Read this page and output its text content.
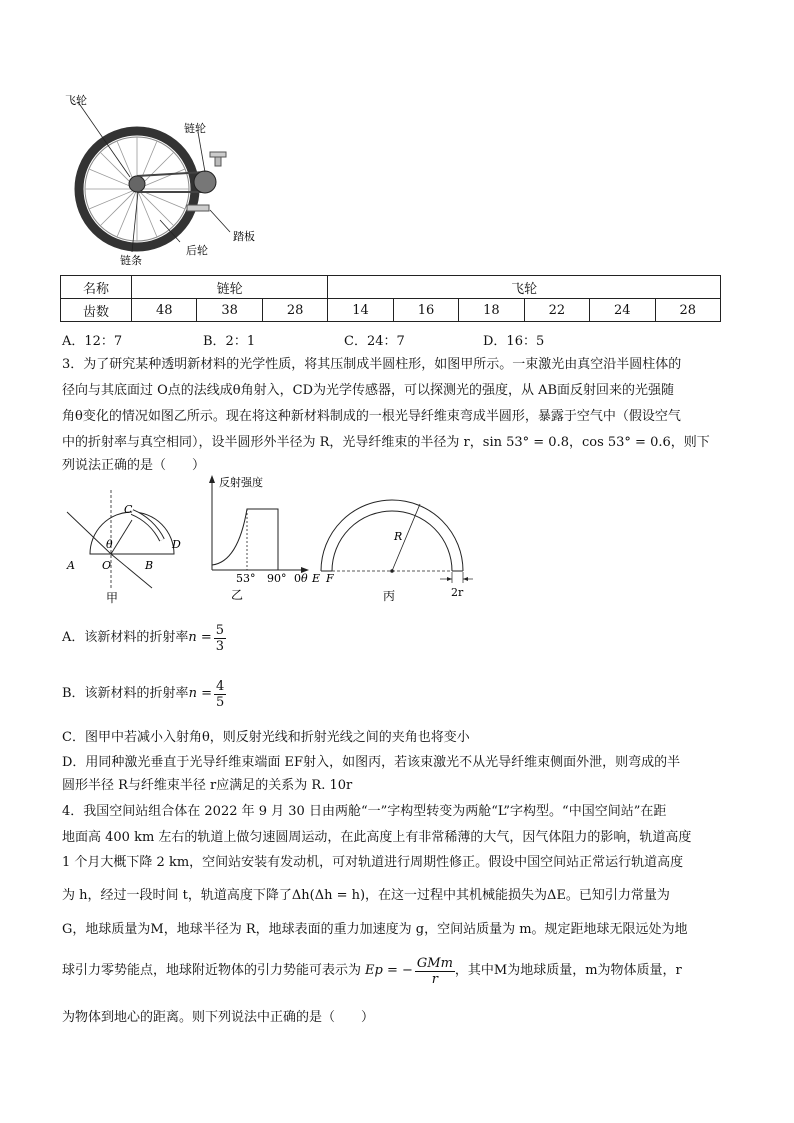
飞轮
链轮
踏板
后轮
链条
名称	链轮			飞轮					
齿数	48	38	28	14	16	18	22	24	28
A．12：7	B．2：1	C．24：7	D．16：5
3．为了研究某种透明新材料的光学性质，将其压制成半圆柱形，如图甲所示。一束激光由真空沿半圆柱体的
径向与其底面过 O点的法线成θ角射入，CD为光学传感器，可以探测光的强度，从 AB面反射回来的光强随
角θ变化的情况如图乙所示。现在将这种新材料制成的一根光导纤维束弯成半圆形，暴露于空气中（假设空气
中的折射率与真空相同），设半圆形外半径为 R，光导纤维束的半径为 r，sin 53° = 0.8，cos 53° = 0.6，则下
列说法正确的是（　　）
A	B
C
D
O
θ
甲
反射强度
53° 90° 0 θ
乙
E F
R
2r
丙
A．该新材料的折射率 $n = \frac{5}{3}$
B．该新材料的折射率 $n = \frac{4}{5}$
C．图甲中若减小入射角θ，则反射光线和折射光线之间的夹角也将变小
D．用同种激光垂直于光导纤维束端面 EF射入，如图丙，若该束激光不从光导纤维束侧面外泄，则弯成的半
圆形半径 R与纤维束半径 r应满足的关系为 R. 10r
4．我国空间站组合体在 2022 年 9 月 30 日由两舱“一”字构型转变为两舱“L”字构型。“中国空间站”在距
地面高 400 km 左右的轨道上做匀速圆周运动，在此高度上有非常稀薄的大气，因气体阻力的影响，轨道高度
1 个月大概下降 2 km，空间站安装有发动机，可对轨道进行周期性修正。假设中国空间站正常运行轨道高度
为 h，经过一段时间 t，轨道高度下降了Δh(Δh = h)，在这一过程中其机械能损失为ΔE。已知引力常量为
G，地球质量为M，地球半径为 R，地球表面的重力加速度为 g，空间站质量为 m。规定距地球无限远处为地
球引力零势能点，地球附近物体的引力势能可表示为 Ep = − $\frac{\text{GMm}}{r}$ ，其中M为地球质量，m为物体质量，r
为物体到地心的距离。则下列说法中正确的是（　　）
